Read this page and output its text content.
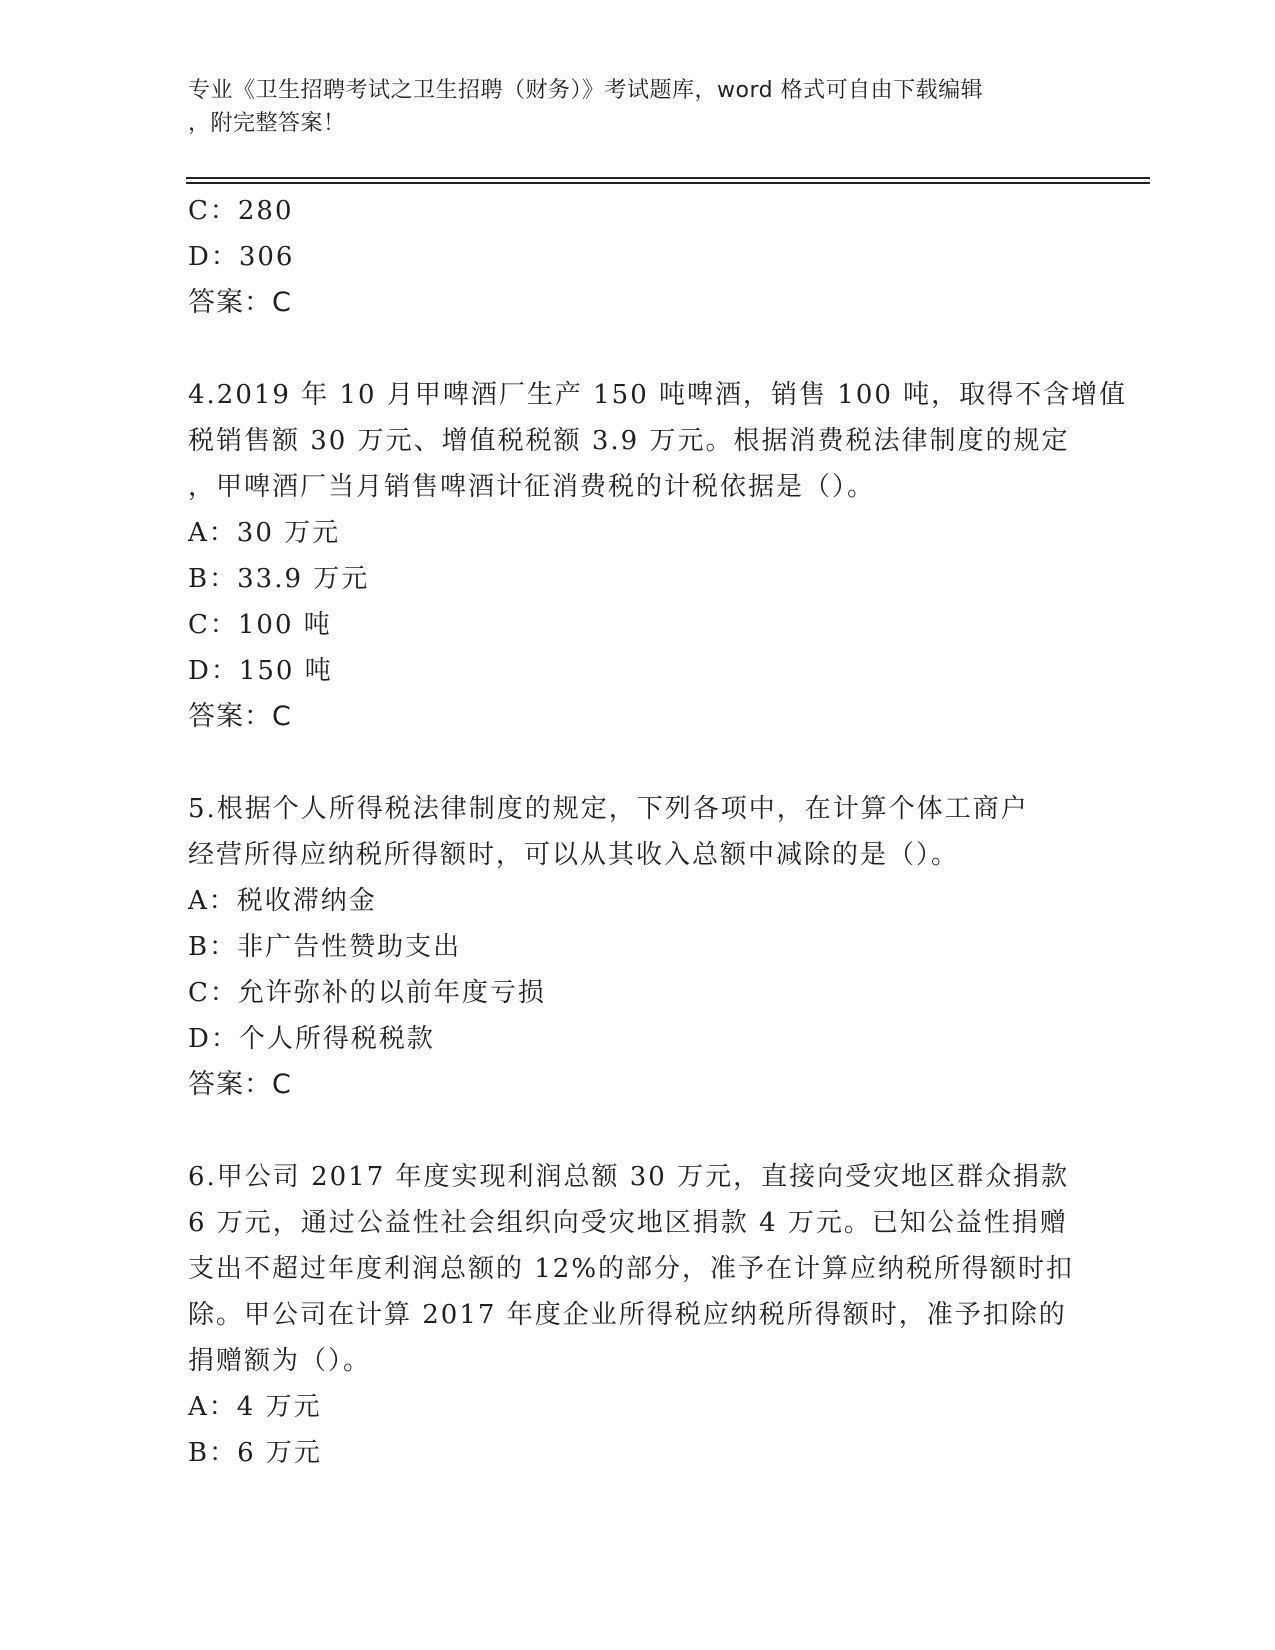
专业《卫生招聘考试之卫生招聘（财务）》考试题库，word 格式可自由下载编辑
，附完整答案！
C：280
D：306
答案：C
4.2019 年 10 月甲啤酒厂生产 150 吨啤酒，销售 100 吨，取得不含增值
税销售额 30 万元、增值税税额 3.9 万元。根据消费税法律制度的规定
，甲啤酒厂当月销售啤酒计征消费税的计税依据是（）。
A：30 万元
B：33.9 万元
C：100 吨
D：150 吨
答案：C
5.根据个人所得税法律制度的规定，下列各项中，在计算个体工商户
经营所得应纳税所得额时，可以从其收入总额中减除的是（）。
A：税收滞纳金
B：非广告性赞助支出
C：允许弥补的以前年度亏损
D：个人所得税税款
答案：C
6.甲公司 2017 年度实现利润总额 30 万元，直接向受灾地区群众捐款
6 万元，通过公益性社会组织向受灾地区捐款 4 万元。已知公益性捐赠
支出不超过年度利润总额的 12%的部分，准予在计算应纳税所得额时扣
除。甲公司在计算 2017 年度企业所得税应纳税所得额时，准予扣除的
捐赠额为（）。
A：4 万元
B：6 万元
